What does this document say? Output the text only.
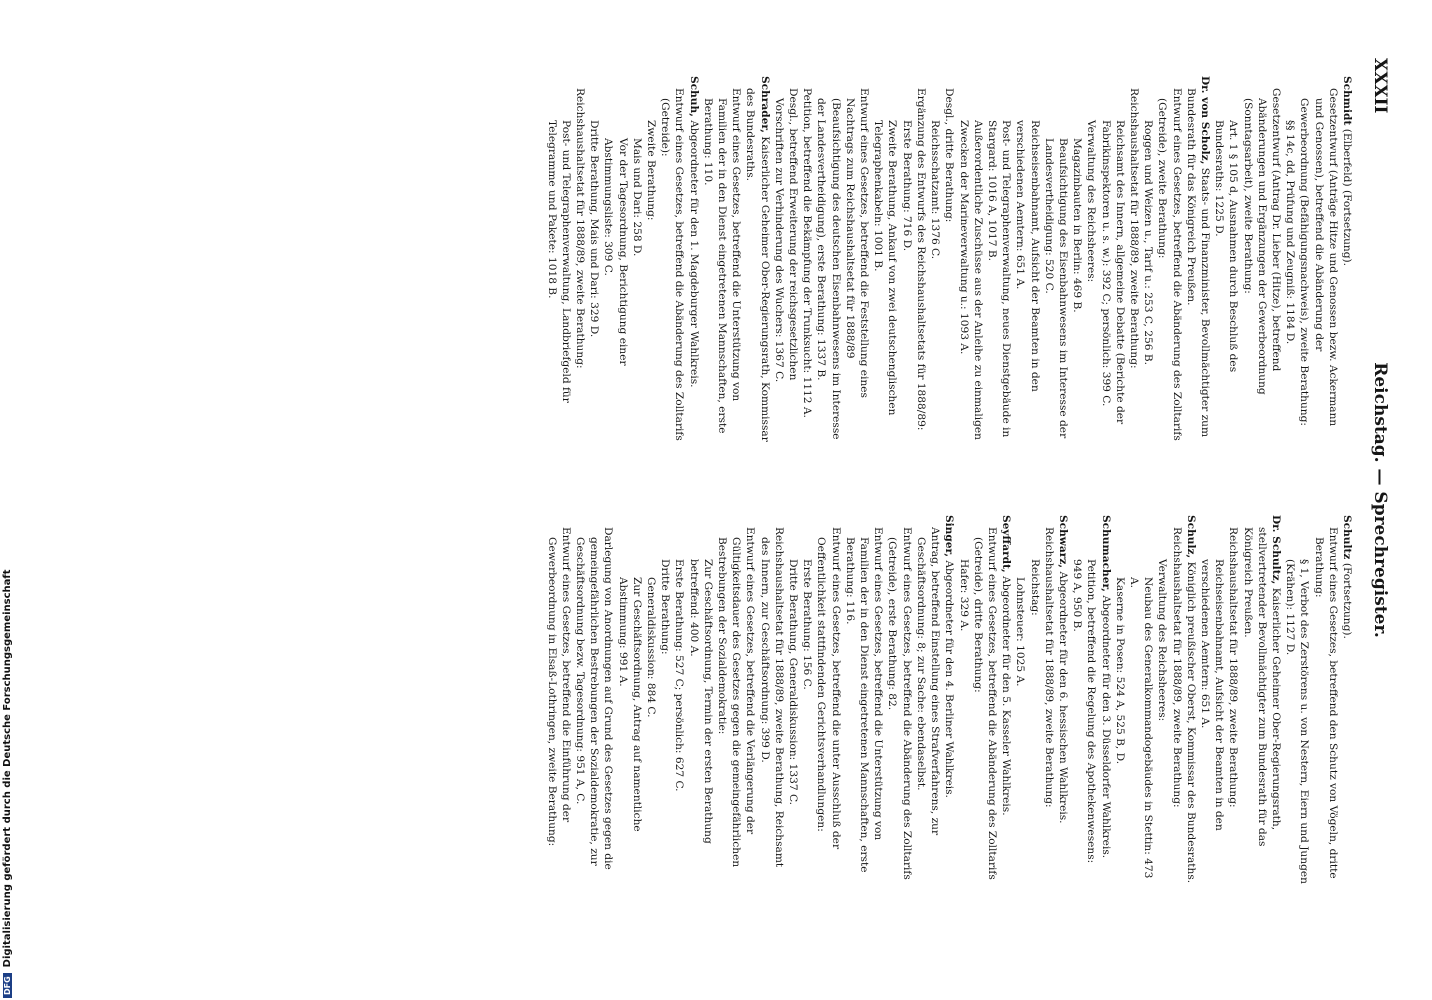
XXXII
Reichstag. — Sprechregister.
Schmidt (Elberfeld) (Fortsetzung).
Gesetzentwurf (Anträge Hitze und Genossen bezw. Ackermann und Genossen), betreffend die Abänderung der Gewerbeordnung (Befähigungsnachweis), zweite Berathung:
§§ 14c, dd, Prüfung und Zeugniß: 1184 D.
Gesetzentwurf (Antrag Dr. Lieber (Hitze), betreffend Abänderungen und Ergänzungen der Gewerbeordnung (Sonntagsarbeit), zweite Berathung:
Art. 1 § 105 d, Ausnahmen durch Beschluß des Bundesraths: 1225 D.
Dr. von Scholz, Staats- und Finanzminister, Bevollmächtigter zum Bundesrath für das Königreich Preußen.
Entwurf eines Gesetzes, betreffend die Abänderung des Zolltarifs (Getreide), zweite Berathung:
Roggen und Weizen u., Tarif u.: 253 C, 256 B.
Reichshaushaltsetat für 1888/89, zweite Berathung:
Reichsamt des Innern, allgemeine Debatte (Berichte der Fabrikinspektoren u. s. w.): 392 C; persönlich: 399 C.
Verwaltung des Reichsheeres:
Magazinbauten in Berlin: 469 B.
Beaufsichtigung des Eisenbahnwesens im Interesse der Landesvertheidigung: 520 C.
Reichseisenbahnamt, Aufsicht der Beamten in den verschiedenen Aemtern: 651 A.
Post- und Telegraphenverwaltung, neues Dienstgebäude in Stargard: 1016 A, 1017 B.
Außerordentliche Zuschüsse aus der Anleihe zu einmaligen Zwecken der Marineverwaltung u.: 1093 A.
Desgl., dritte Berathung:
Reichsschatzamt: 1376 C.
Ergänzung des Entwurfs des Reichshaushaltsetats für 1888/89:
Erste Berathung: 716 D.
Zweite Berathung, Ankauf von zwei deutschenglischen Telegraphenkabeln: 1001 B.
Entwurf eines Gesetzes, betreffend die Feststellung eines Nachtrags zum Reichshaushaltsetat für 1888/89 (Beaufsichtigung des deutschen Eisenbahnwesens im Interesse der Landesvertheidigung), erste Berathung: 1337 B.
Petition, betreffend die Bekämpfung der Trunksucht: 1112 A.
Desgl., betreffend Erweiterung der reichsgesetzlichen Vorschriften zur Verhinderung des Wuchers: 1367 C.
Schrader, Kaiserlicher Geheimer Ober-Regierungsrath, Kommissar des Bundesraths.
Entwurf eines Gesetzes, betreffend die Unterstützung von Familien der in den Dienst eingetretenen Mannschaften, erste Berathung: 110.
Schuh, Abgeordneter für den 1. Magdeburger Wahlkreis.
Entwurf eines Gesetzes, betreffend die Abänderung des Zolltarifs (Getreide):
Zweite Berathung:
Mais und Dari: 258 D.
Vor der Tagesordnung, Berichtigung einer Abstimmungsliste: 309 C.
Dritte Berathung, Mais und Dari: 329 D.
Reichshaushaltsetat für 1888/89, zweite Berathung:
Post- und Telegraphenverwaltung, Landbriefgeld für Telegramme und Pakete: 1018 B.
Schultz (Fortsetzung).
Entwurf eines Gesetzes, betreffend den Schutz von Vögeln, dritte Berathung:
§ 1, Verbot des Zerstörens u. von Nestern, Eiern und Jungen (Krähen): 1127 D.
Dr. Schultz, Kaiserlicher Geheimer Ober-Regierungsrath, stellvertretender Bevollmächtigter zum Bundesrath für das Königreich Preußen.
Reichshaushaltsetat für 1888/89, zweite Berathung:
Reichseisenbahnamt, Aufsicht der Beamten in den verschiedenen Aemtern: 651 A.
Schulz, Königlich preußischer Oberst, Kommissar des Bundesraths.
Reichshaushaltsetat für 1888/89, zweite Berathung:
Verwaltung des Reichsheeres:
Neubau des Generalkommandogebäudes in Stettin: 473 A.
Kaserne in Posen: 524 A, 525 B, D.
Schumacher, Abgeordneter für den 3. Düsseldorfer Wahlkreis.
Petition, betreffend die Regelung des Apothekenwesens: 949 A, 950 B.
Schwarz, Abgeordneter für den 6. hessischen Wahlkreis.
Reichshaushaltsetat für 1888/89, zweite Berathung:
Reichstag:
Lohnsteuer: 1025 A.
Seyffardt, Abgeordneter für den 5. Kasseler Wahlkreis.
Entwurf eines Gesetzes, betreffend die Abänderung des Zolltarifs (Getreide), dritte Berathung:
Hafer: 329 A.
Singer, Abgeordneter für den 4. Berliner Wahlkreis.
Antrag, betreffend Einstellung eines Strafverfahrens, zur Geschäftsordnung: 8; zur Sache: ebendaselbst.
Entwurf eines Gesetzes, betreffend die Abänderung des Zolltarifs (Getreide), erste Berathung: 82.
Entwurf eines Gesetzes, betreffend die Unterstützung von Familien der in den Dienst eingetretenen Mannschaften, erste Berathung: 116.
Entwurf eines Gesetzes, betreffend die unter Ausschluß der Oeffentlichkeit stattfindenden Gerichtsverhandlungen:
Erste Berathung: 156 C.
Dritte Berathung, Generaldiskussion: 1337 C.
Reichshaushaltsetat für 1888/89, zweite Berathung, Reichsamt des Innern, zur Geschäftsordnung: 399 D.
Entwurf eines Gesetzes, betreffend die Verlängerung der Gültigkeitsdauer des Gesetzes gegen die gemeingefährlichen Bestrebungen der Sozialdemokratie:
Zur Geschäftsordnung, Termin der ersten Berathung betreffend: 400 A.
Erste Berathung: 527 C; persönlich: 627 C.
Dritte Berathung:
Generaldiskussion: 884 C.
Zur Geschäftsordnung, Antrag auf namentliche Abstimmung: 991 A.
Darlegung von Anordnungen auf Grund des Gesetzes gegen die gemeingefährlichen Bestrebungen der Sozialdemokratie, zur Geschäftsordnung bezw. Tagesordnung: 951 A, C.
Entwurf eines Gesetzes, betreffend die Einführung der Gewerbeordnung in Elsaß-Lothringen, zweite Berathung:
DFGDigitalisierung gefördert durch die Deutsche Forschungsgemeinschaft
